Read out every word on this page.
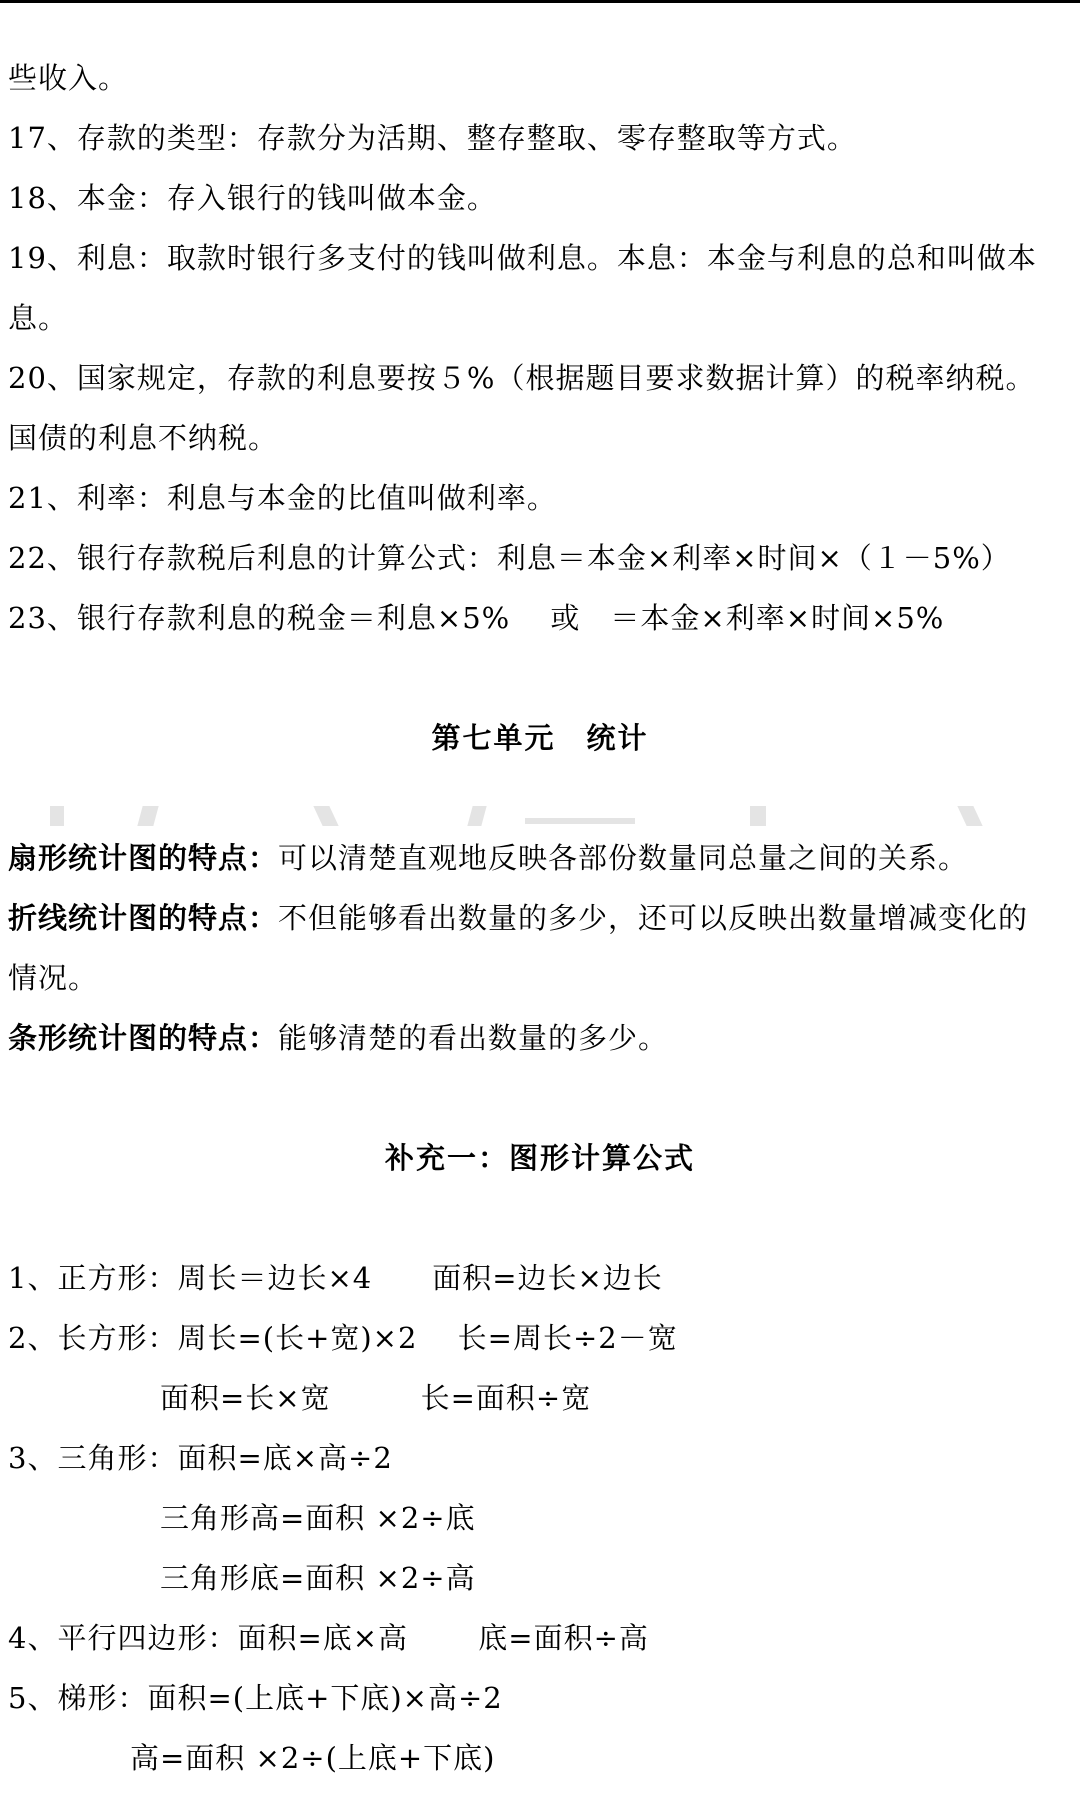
些收入。
17、存款的类型：存款分为活期、整存整取、零存整取等方式。
18、本金：存入银行的钱叫做本金。
19、利息：取款时银行多支付的钱叫做利息。本息：本金与利息的总和叫做本
息。
20、国家规定，存款的利息要按５%（根据题目要求数据计算）的税率纳税。
国债的利息不纳税。
21、利率：利息与本金的比值叫做利率。
22、银行存款税后利息的计算公式：利息＝本金×利率×时间×（１－5%）
23、银行存款利息的税金＝利息×5%　 或　＝本金×利率×时间×5%
第七单元　统计
扇形统计图的特点：可以清楚直观地反映各部份数量同总量之间的关系。
折线统计图的特点：不但能够看出数量的多少，还可以反映出数量增减变化的
情况。
条形统计图的特点：能够清楚的看出数量的多少。
补充一：图形计算公式
1、正方形：周长＝边长×4　　面积=边长×边长
2、长方形：周长=(长+宽)×2　 长=周长÷2－宽
面积=长×宽　　　长=面积÷宽
3、三角形：面积=底×高÷2
三角形高=面积 ×2÷底
三角形底=面积 ×2÷高
4、平行四边形：面积=底×高　　 底=面积÷高
5、梯形：面积=(上底+下底)×高÷2
高=面积 ×2÷(上底+下底)
